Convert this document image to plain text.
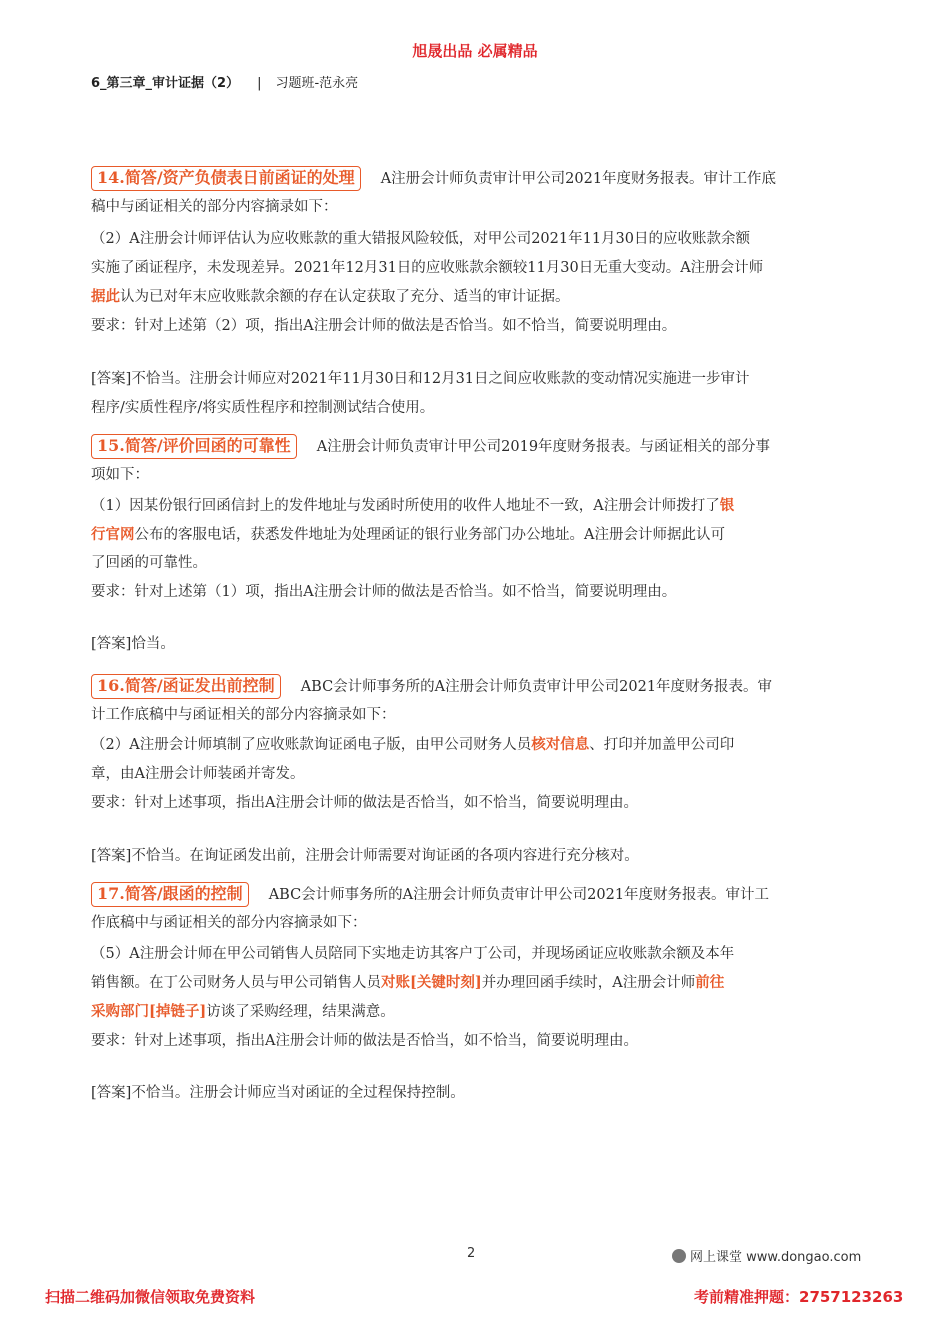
旭晟出品 必属精品
6_第三章_审计证据（2） | 习题班-范永亮
14.简答/资产负债表日前函证的处理 A注册会计师负责审计甲公司2021年度财务报表。审计工作底
稿中与函证相关的部分内容摘录如下：
（2）A注册会计师评估认为应收账款的重大错报风险较低，对甲公司2021年11月30日的应收账款余额
实施了函证程序，未发现差异。2021年12月31日的应收账款余额较11月30日无重大变动。A注册会计师
据此认为已对年末应收账款余额的存在认定获取了充分、适当的审计证据。
要求：针对上述第（2）项，指出A注册会计师的做法是否恰当。如不恰当，简要说明理由。
[答案]不恰当。注册会计师应对2021年11月30日和12月31日之间应收账款的变动情况实施进一步审计
程序/实质性程序/将实质性程序和控制测试结合使用。
15.简答/评价回函的可靠性 A注册会计师负责审计甲公司2019年度财务报表。与函证相关的部分事
项如下：
（1）因某份银行回函信封上的发件地址与发函时所使用的收件人地址不一致，A注册会计师拨打了银
行官网公布的客服电话，获悉发件地址为处理函证的银行业务部门办公地址。A注册会计师据此认可
了回函的可靠性。
要求：针对上述第（1）项，指出A注册会计师的做法是否恰当。如不恰当，简要说明理由。
[答案]恰当。
16.简答/函证发出前控制 ABC会计师事务所的A注册会计师负责审计甲公司2021年度财务报表。审
计工作底稿中与函证相关的部分内容摘录如下：
（2）A注册会计师填制了应收账款询证函电子版，由甲公司财务人员核对信息、打印并加盖甲公司印
章，由A注册会计师装函并寄发。
要求：针对上述事项，指出A注册会计师的做法是否恰当，如不恰当，简要说明理由。
[答案]不恰当。在询证函发出前，注册会计师需要对询证函的各项内容进行充分核对。
17.简答/跟函的控制 ABC会计师事务所的A注册会计师负责审计甲公司2021年度财务报表。审计工
作底稿中与函证相关的部分内容摘录如下：
（5）A注册会计师在甲公司销售人员陪同下实地走访其客户丁公司，并现场函证应收账款余额及本年
销售额。在丁公司财务人员与甲公司销售人员对账[关键时刻]并办理回函手续时，A注册会计师前往
采购部门[掉链子]访谈了采购经理，结果满意。
要求：针对上述事项，指出A注册会计师的做法是否恰当，如不恰当，简要说明理由。
[答案]不恰当。注册会计师应当对函证的全过程保持控制。
2	网上课堂 www.dongao.com
扫描二维码加微信领取免费资料	考前精准押题：2757123263
